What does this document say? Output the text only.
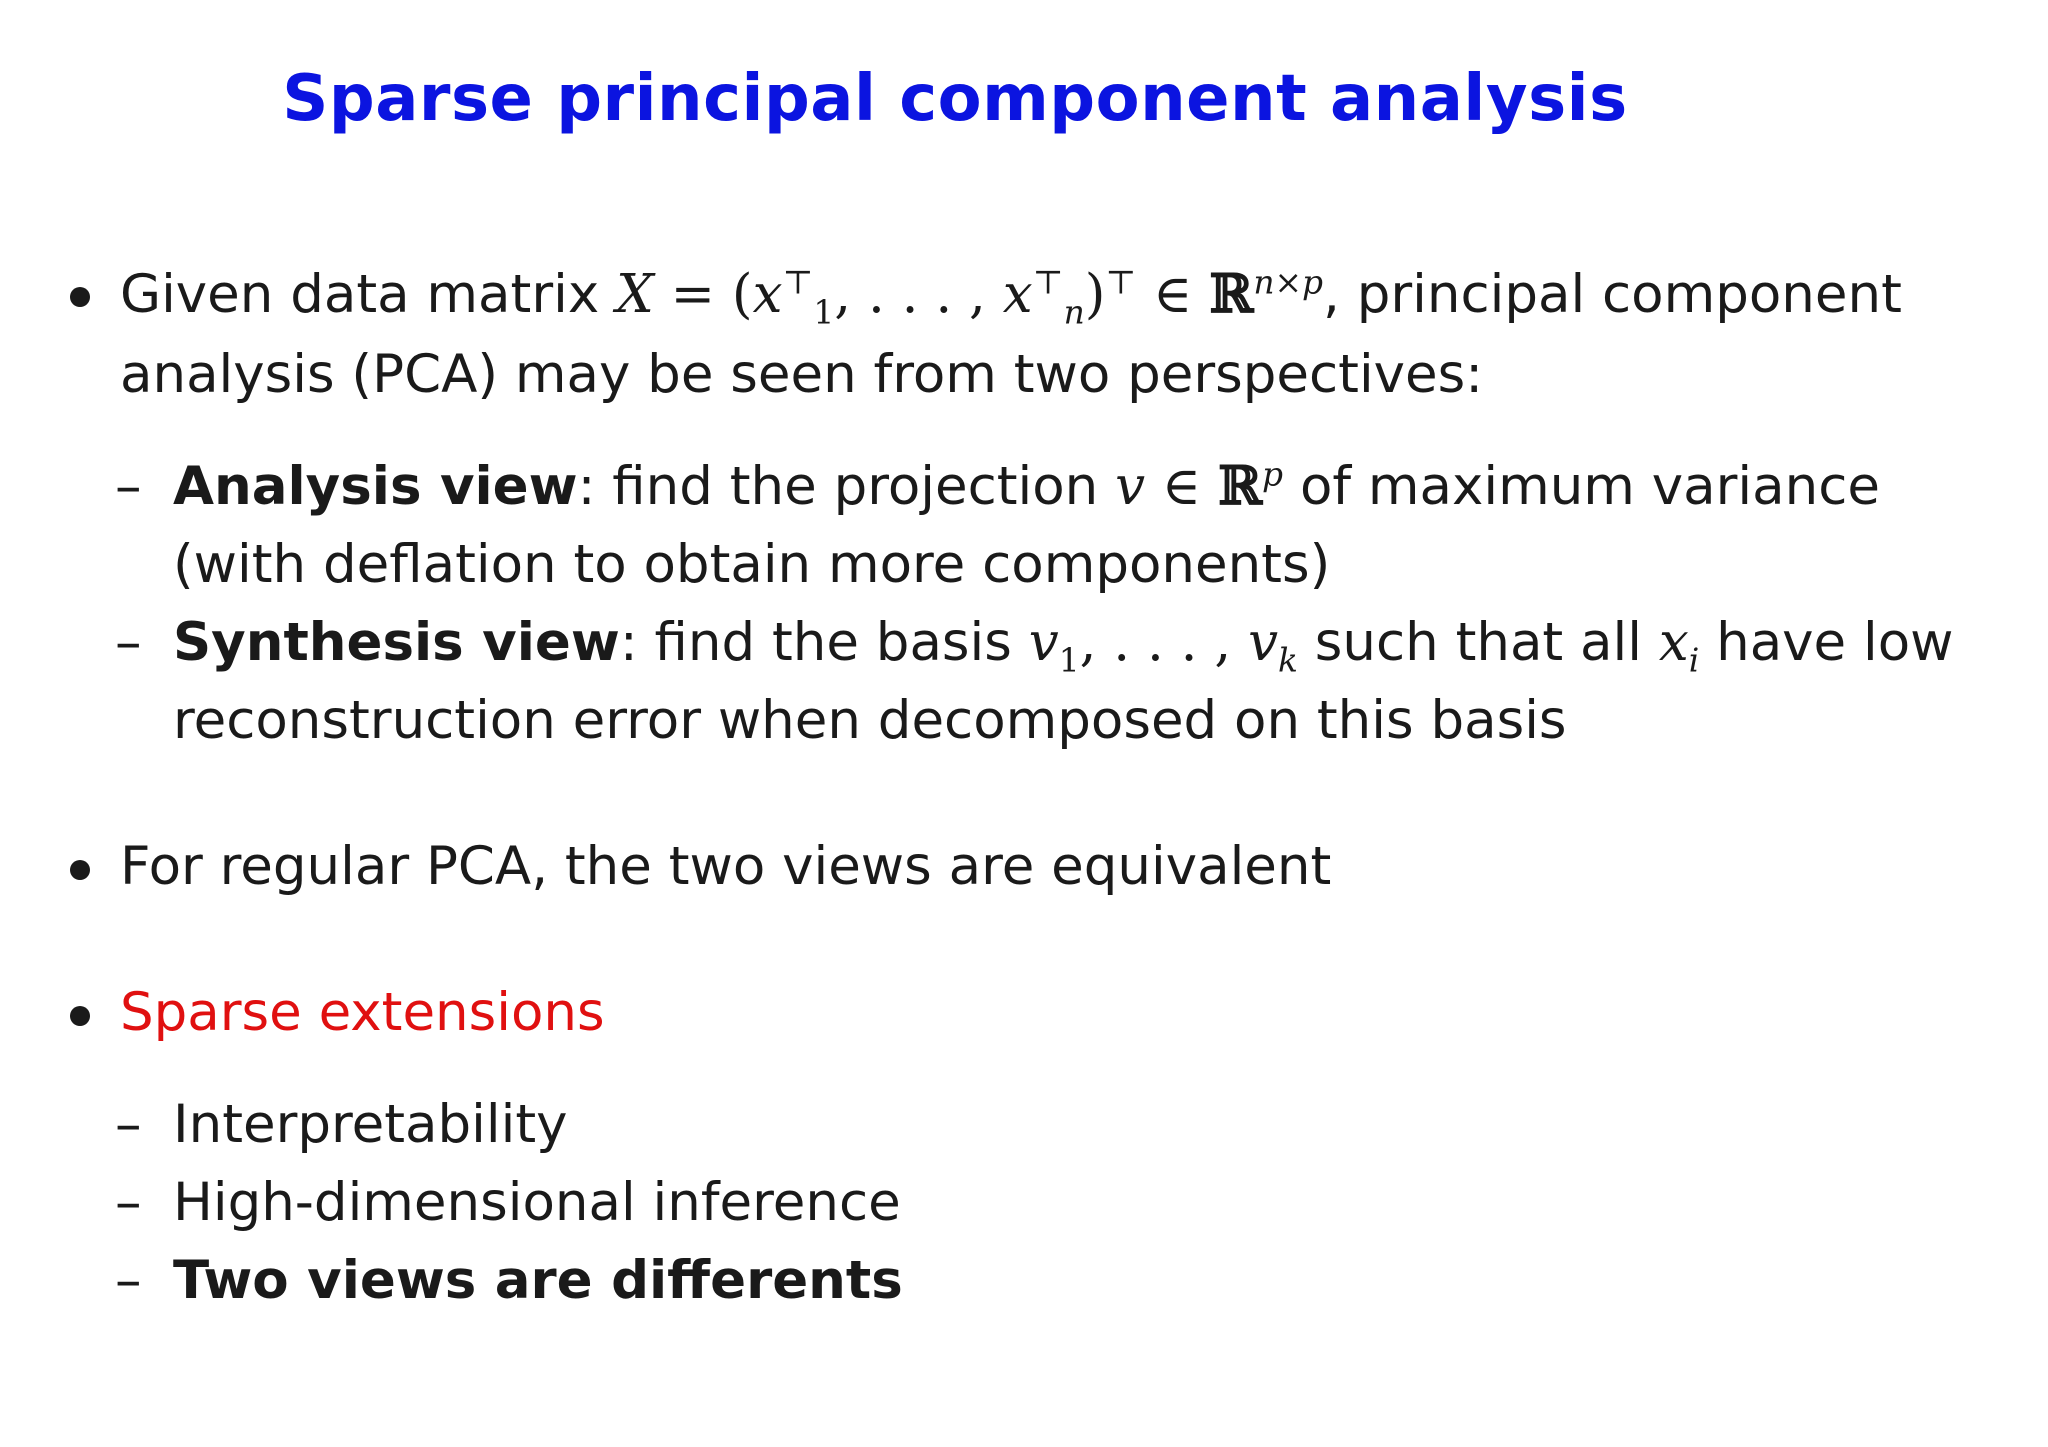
Sparse principal component analysis
Given data matrix $X = (x^⊤_1$, . . . , $x^⊤_n)^⊤$ ∈ ℝ$^{n\times p}$, principal component
analysis (PCA) may be seen from two perspectives:
– Analysis view: find the projection v ∈ ℝ$^p$ of maximum variance
(with deflation to obtain more components)
– Synthesis view: find the basis $v_1$, . . . , $v_k$ such that all $x_i$ have low
reconstruction error when decomposed on this basis
For regular PCA, the two views are equivalent
Sparse extensions
– Interpretability
– High-dimensional inference
– Two views are differents
